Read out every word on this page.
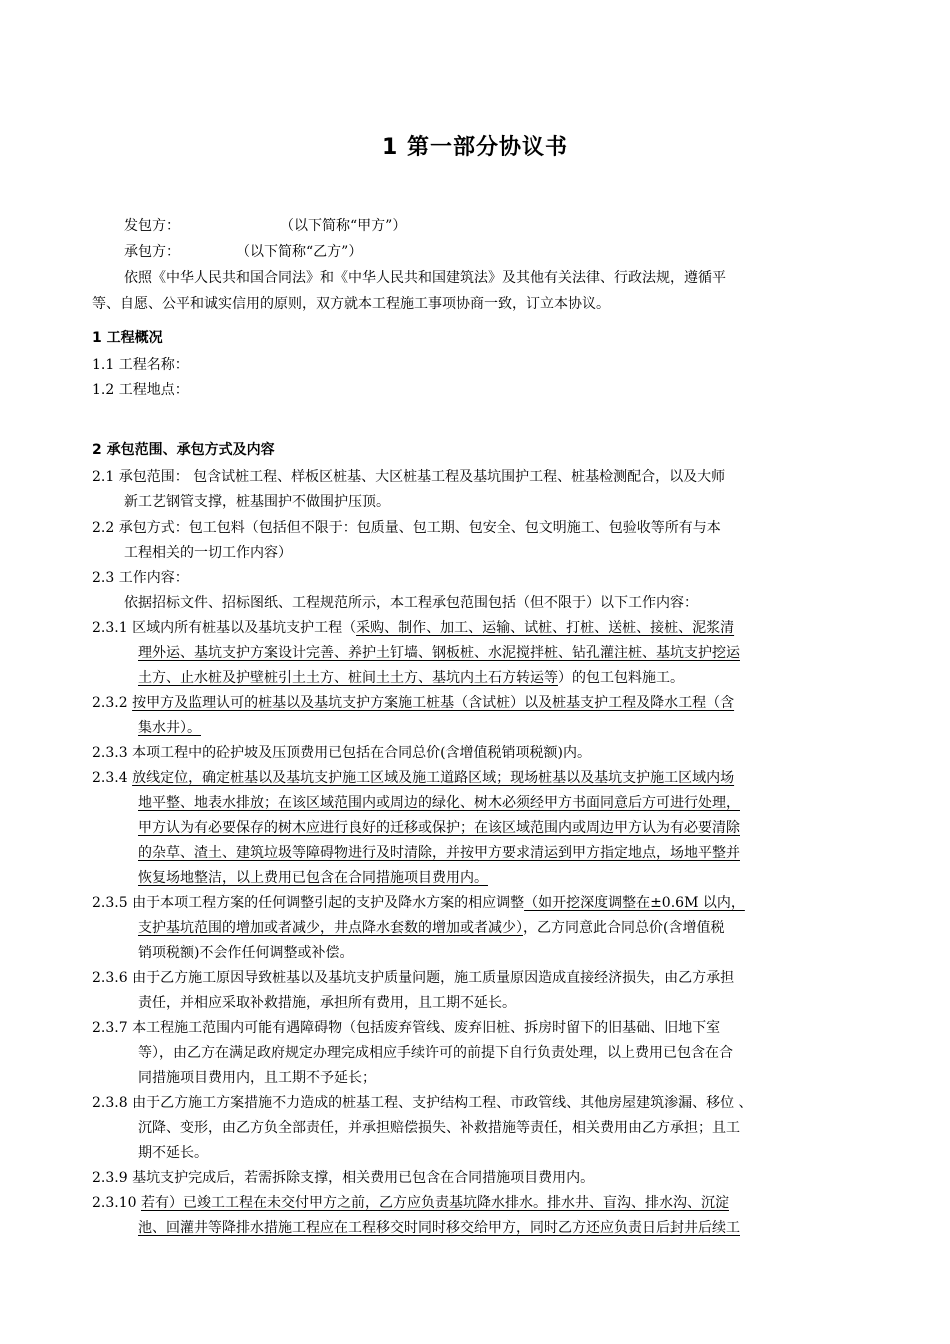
1 第一部分协议书
发包方：	（以下简称“甲方”）
承包方：	（以下简称“乙方”）
依照《中华人民共和国合同法》和《中华人民共和国建筑法》及其他有关法律、行政法规，遵循平
等、自愿、公平和诚实信用的原则，双方就本工程施工事项协商一致，订立本协议。
1 工程概况
1.1 工程名称：
1.2 工程地点：
2 承包范围、承包方式及内容
2.1 承包范围： 包含试桩工程、样板区桩基、大区桩基工程及基坑围护工程、桩基检测配合，以及大师
新工艺钢管支撑，桩基围护不做围护压顶。
2.2 承包方式：包工包料（包括但不限于：包质量、包工期、包安全、包文明施工、包验收等所有与本
工程相关的一切工作内容）
2.3 工作内容：
依据招标文件、招标图纸、工程规范所示，本工程承包范围包括（但不限于）以下工作内容：
2.3.1 区域内所有桩基以及基坑支护工程（采购、制作、加工、运输、试桩、打桩、送桩、接桩、泥浆清
理外运、基坑支护方案设计完善、养护土钉墙、钢板桩、水泥搅拌桩、钻孔灌注桩、基坑支护挖运
土方、止水桩及护壁桩引土土方、桩间土土方、基坑内土石方转运等）的包工包料施工。
2.3.2 按甲方及监理认可的桩基以及基坑支护方案施工桩基（含试桩）以及桩基支护工程及降水工程（含
集水井）。
2.3.3 本项工程中的砼护坡及压顶费用已包括在合同总价(含增值税销项税额)内。
2.3.4 放线定位，确定桩基以及基坑支护施工区域及施工道路区域；现场桩基以及基坑支护施工区域内场
地平整、地表水排放；在该区域范围内或周边的绿化、树木必须经甲方书面同意后方可进行处理，
甲方认为有必要保存的树木应进行良好的迁移或保护；在该区域范围内或周边甲方认为有必要清除
的杂草、渣土、建筑垃圾等障碍物进行及时清除，并按甲方要求清运到甲方指定地点，场地平整并
恢复场地整洁，以上费用已包含在合同措施项目费用内。
2.3.5 由于本项工程方案的任何调整引起的支护及降水方案的相应调整（如开挖深度调整在±0.6M 以内，
支护基坑范围的增加或者减少，井点降水套数的增加或者减少），乙方同意此合同总价(含增值税
销项税额)不会作任何调整或补偿。
2.3.6 由于乙方施工原因导致桩基以及基坑支护质量问题，施工质量原因造成直接经济损失，由乙方承担
责任，并相应采取补救措施，承担所有费用，且工期不延长。
2.3.7 本工程施工范围内可能有遇障碍物（包括废弃管线、废弃旧桩、拆房时留下的旧基础、旧地下室
等），由乙方在满足政府规定办理完成相应手续许可的前提下自行负责处理，以上费用已包含在合
同措施项目费用内，且工期不予延长；
2.3.8 由于乙方施工方案措施不力造成的桩基工程、支护结构工程、市政管线、其他房屋建筑渗漏、移位 、
沉降、变形，由乙方负全部责任，并承担赔偿损失、补救措施等责任，相关费用由乙方承担；且工
期不延长。
2.3.9 基坑支护完成后，若需拆除支撑，相关费用已包含在合同措施项目费用内。
2.3.10 若有）已竣工工程在未交付甲方之前，乙方应负责基坑降水排水。排水井、盲沟、排水沟、沉淀
池、回灌井等降排水措施工程应在工程移交时同时移交给甲方，同时乙方还应负责日后封井后续工
